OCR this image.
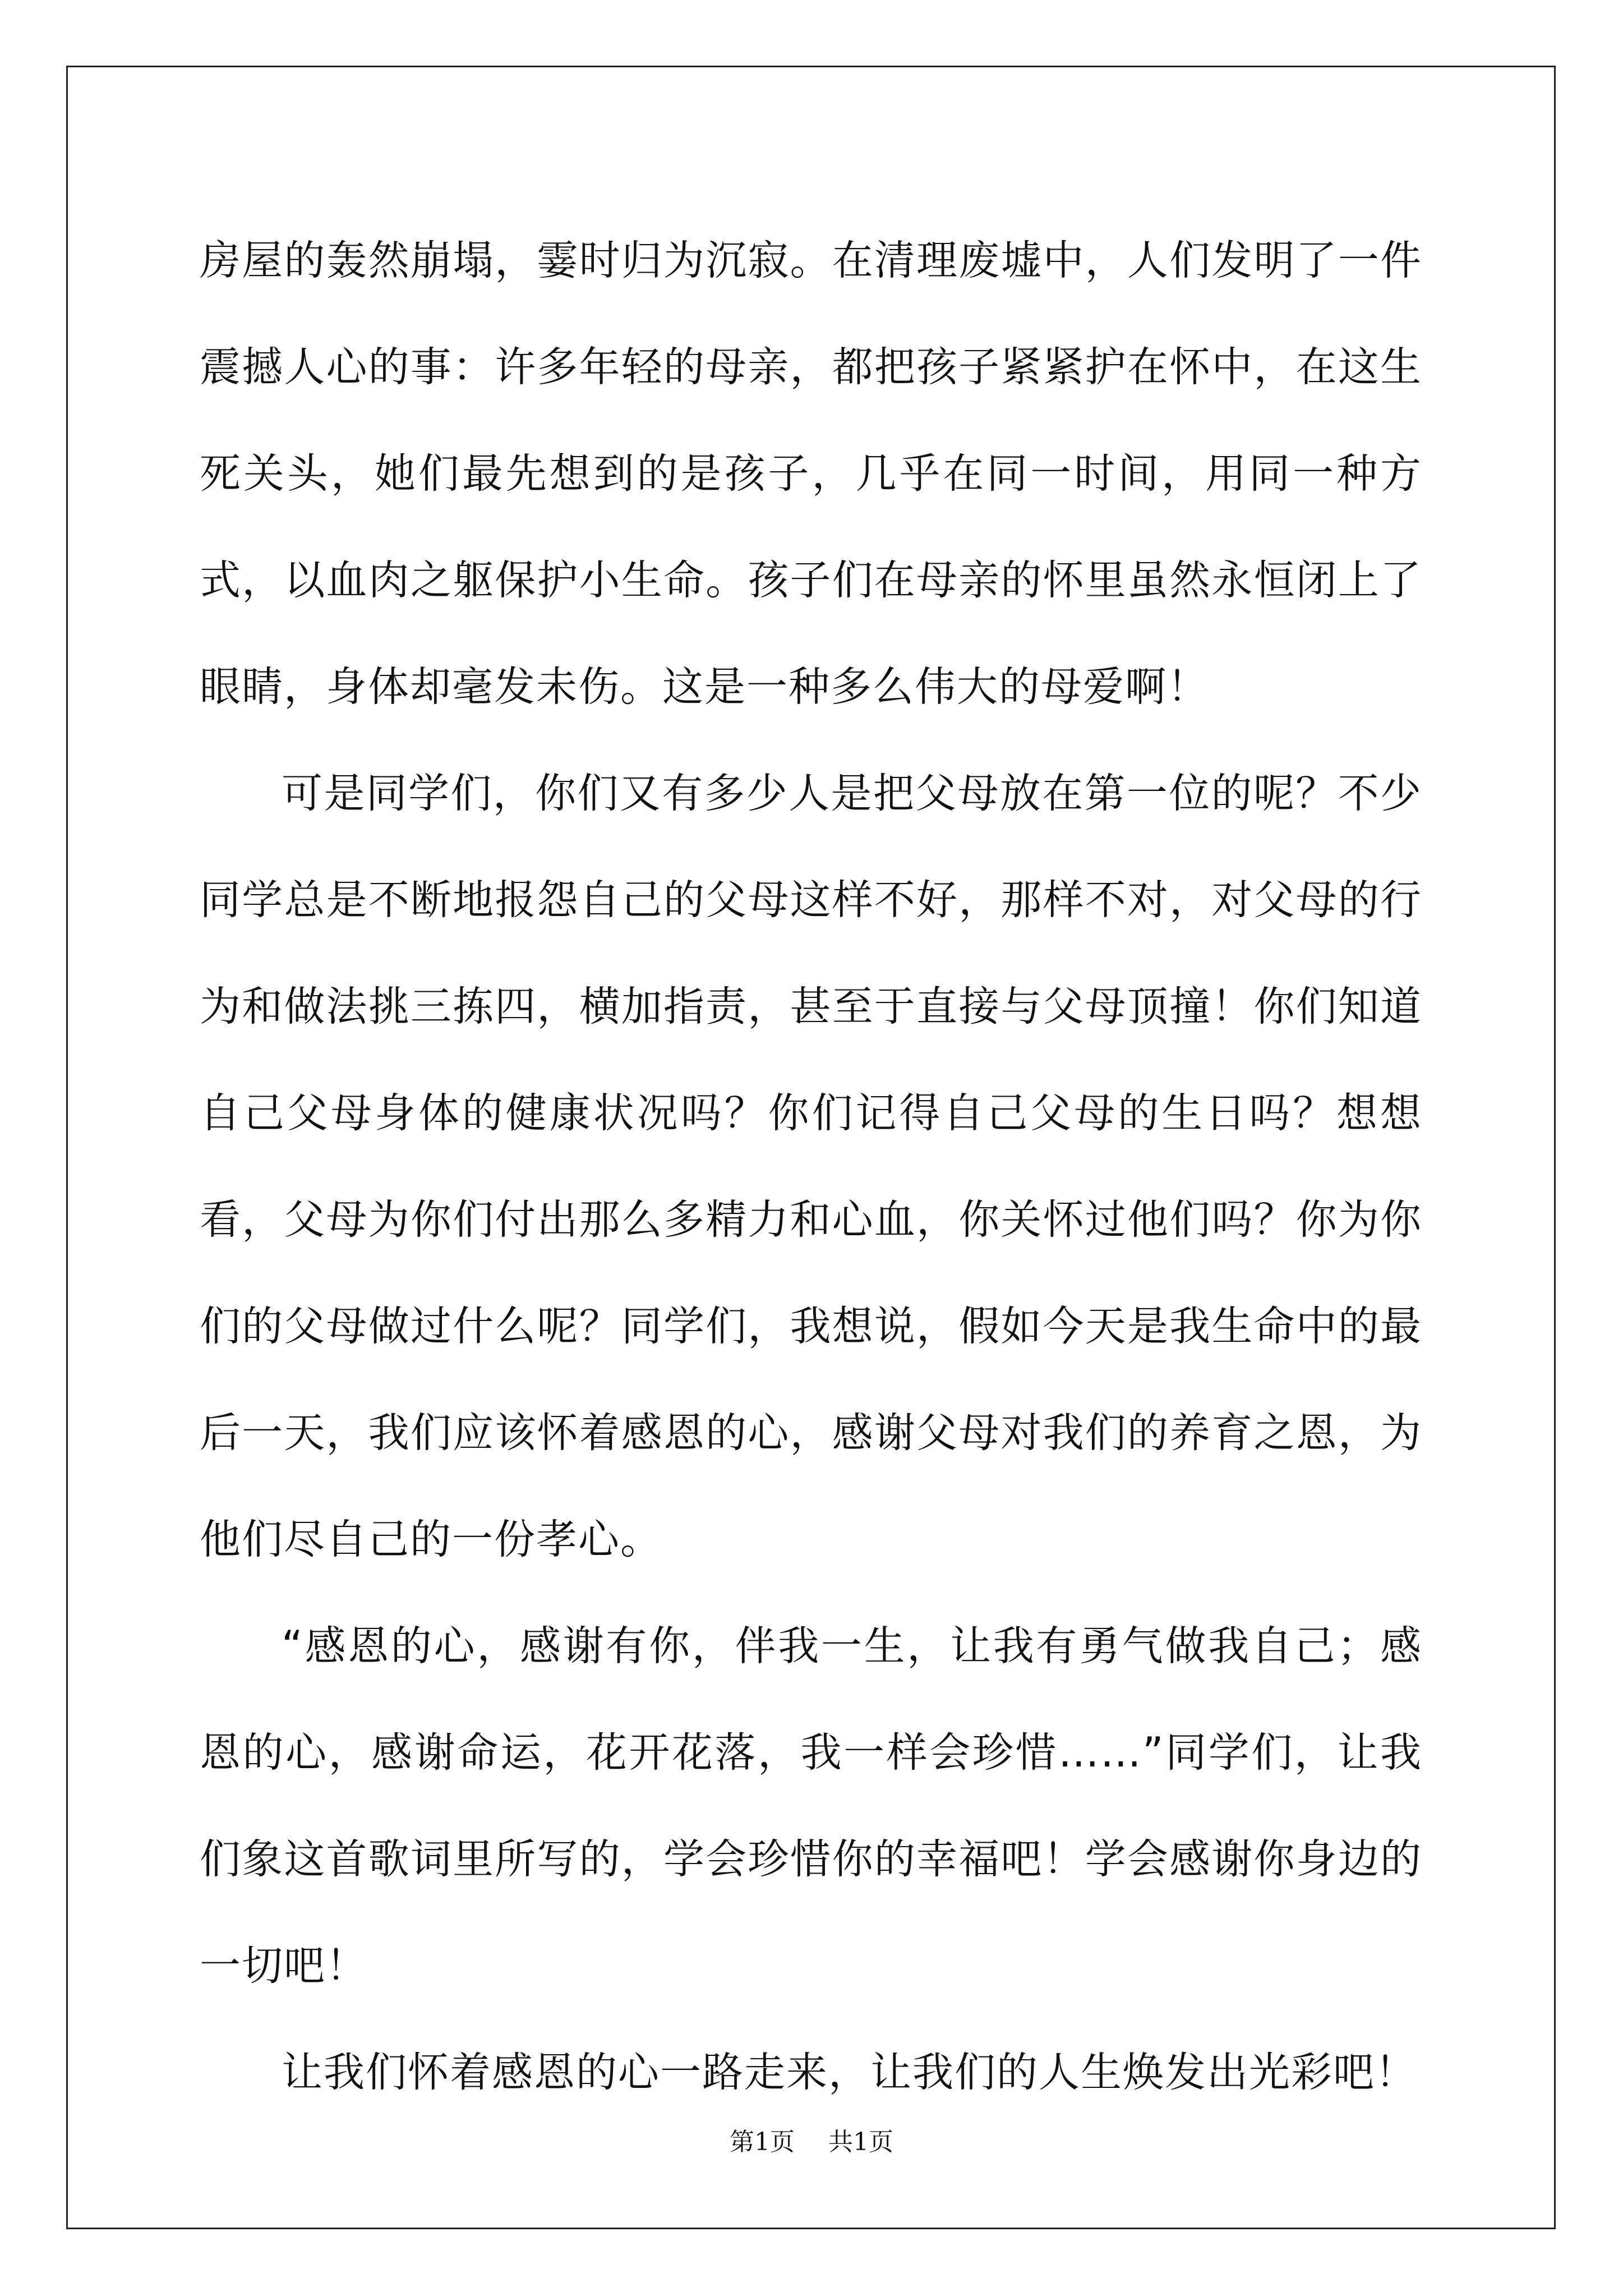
房屋的轰然崩塌，霎时归为沉寂。在清理废墟中，人们发明了一件震撼人心的事：许多年轻的母亲，都把孩子紧紧护在怀中，在这生死关头，她们最先想到的是孩子，几乎在同一时间，用同一种方式，以血肉之躯保护小生命。孩子们在母亲的怀里虽然永恒闭上了眼睛，身体却毫发未伤。这是一种多么伟大的母爱啊！

可是同学们，你们又有多少人是把父母放在第一位的呢？不少同学总是不断地报怨自己的父母这样不好，那样不对，对父母的行为和做法挑三拣四，横加指责，甚至于直接与父母顶撞！你们知道自己父母身体的健康状况吗？你们记得自己父母的生日吗？想想看，父母为你们付出那么多精力和心血，你关怀过他们吗？你为你们的父母做过什么呢？同学们，我想说，假如今天是我生命中的最后一天，我们应该怀着感恩的心，感谢父母对我们的养育之恩，为他们尽自己的一份孝心。

“感恩的心，感谢有你，伴我一生，让我有勇气做我自己；感恩的心，感谢命运，花开花落，我一样会珍惜……”同学们，让我们象这首歌词里所写的，学会珍惜你的幸福吧！学会感谢你身边的一切吧！

让我们怀着感恩的心一路走来，让我们的人生焕发出光彩吧！

第1页 共1页
